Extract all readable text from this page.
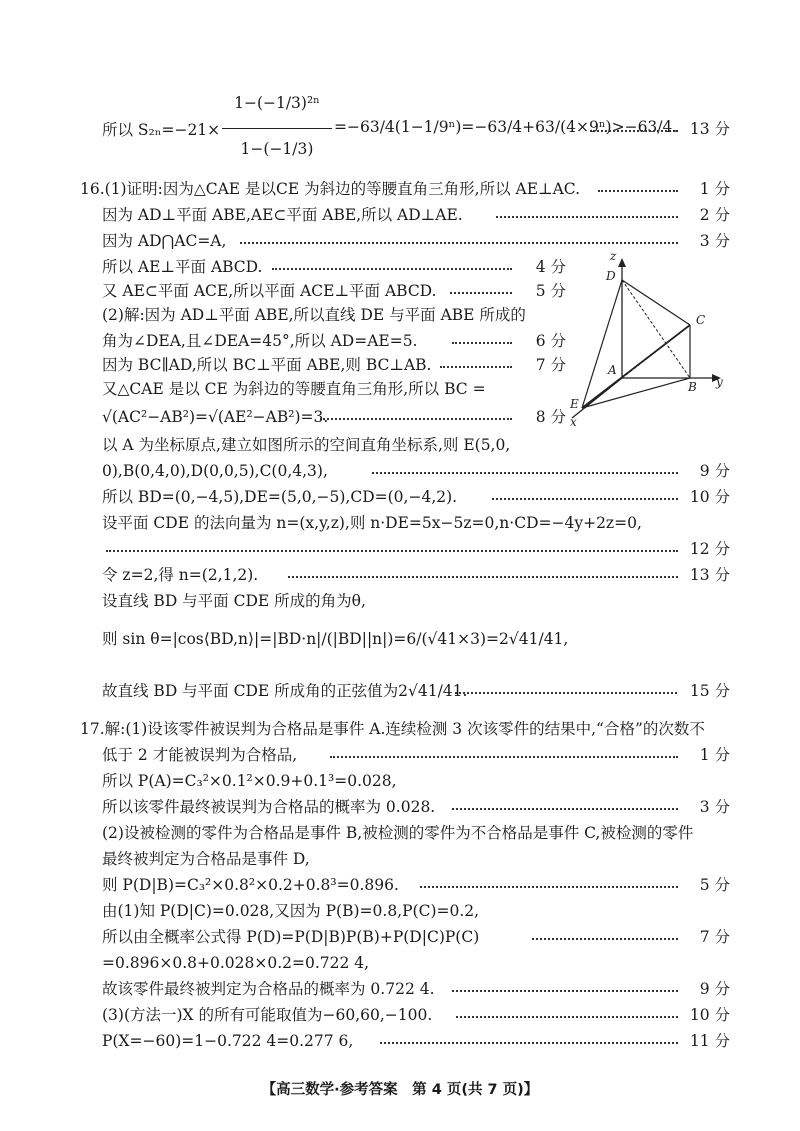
所以 S₂ₙ=−21×
1−(−1/3)²ⁿ
1−(−1/3)
=−63/4(1−1/9ⁿ)=−63/4+63/(4×9ⁿ)>−63/4. 13 分
16.(1)证明:因为△CAE 是以CE 为斜边的等腰直角三角形,所以 AE⊥AC.	1 分
因为 AD⊥平面 ABE,AE⊂平面 ABE,所以 AD⊥AE.	2 分
因为 AD⋂AC=A,	3 分
所以 AE⊥平面 ABCD.	4 分
又 AE⊂平面 ACE,所以平面 ACE⊥平面 ABCD.	5 分
(2)解:因为 AD⊥平面 ABE,所以直线 DE 与平面 ABE 所成的
角为∠DEA,且∠DEA=45°,所以 AD=AE=5.	6 分
因为 BC∥AD,所以 BC⊥平面 ABE,则 BC⊥AB.	7 分
又△CAE 是以 CE 为斜边的等腰直角三角形,所以 BC =
√(AC²−AB²)=√(AE²−AB²)=3.	8 分
以 A 为坐标原点,建立如图所示的空间直角坐标系,则 E(5,0,
0),B(0,4,0),D(0,0,5),C(0,4,3),	9 分
所以 BD=(0,−4,5),DE=(5,0,−5),CD=(0,−4,2).	10 分
设平面 CDE 的法向量为 n=(x,y,z),则 n·DE=5x−5z=0,n·CD=−4y+2z=0,
12 分
令 z=2,得 n=(2,1,2).	13 分
设直线 BD 与平面 CDE 所成的角为θ,
则 sin θ=|cos⟨BD,n⟩|=|BD·n|/(|BD||n|)=6/(√41×3)=2√41/41,
故直线 BD 与平面 CDE 所成角的正弦值为2√41/41.	15 分
17.解:(1)设该零件被误判为合格品是事件 A.连续检测 3 次该零件的结果中,“合格”的次数不
低于 2 才能被误判为合格品,	1 分
所以 P(A)=C₃²×0.1²×0.9+0.1³=0.028,
所以该零件最终被误判为合格品的概率为 0.028.	3 分
(2)设被检测的零件为合格品是事件 B,被检测的零件为不合格品是事件 C,被检测的零件
最终被判定为合格品是事件 D,
则 P(D|B)=C₃²×0.8²×0.2+0.8³=0.896.	5 分
由(1)知 P(D|C)=0.028,又因为 P(B)=0.8,P(C)=0.2,
所以由全概率公式得 P(D)=P(D|B)P(B)+P(D|C)P(C)	7 分
=0.896×0.8+0.028×0.2=0.722 4,
故该零件最终被判定为合格品的概率为 0.722 4.	9 分
(3)(方法一)X 的所有可能取值为−60,60,−100.	10 分
P(X=−60)=1−0.722 4=0.277 6,	11 分
z
D
C
A
B y
E
x
【高三数学·参考答案　第 4 页(共 7 页)】
